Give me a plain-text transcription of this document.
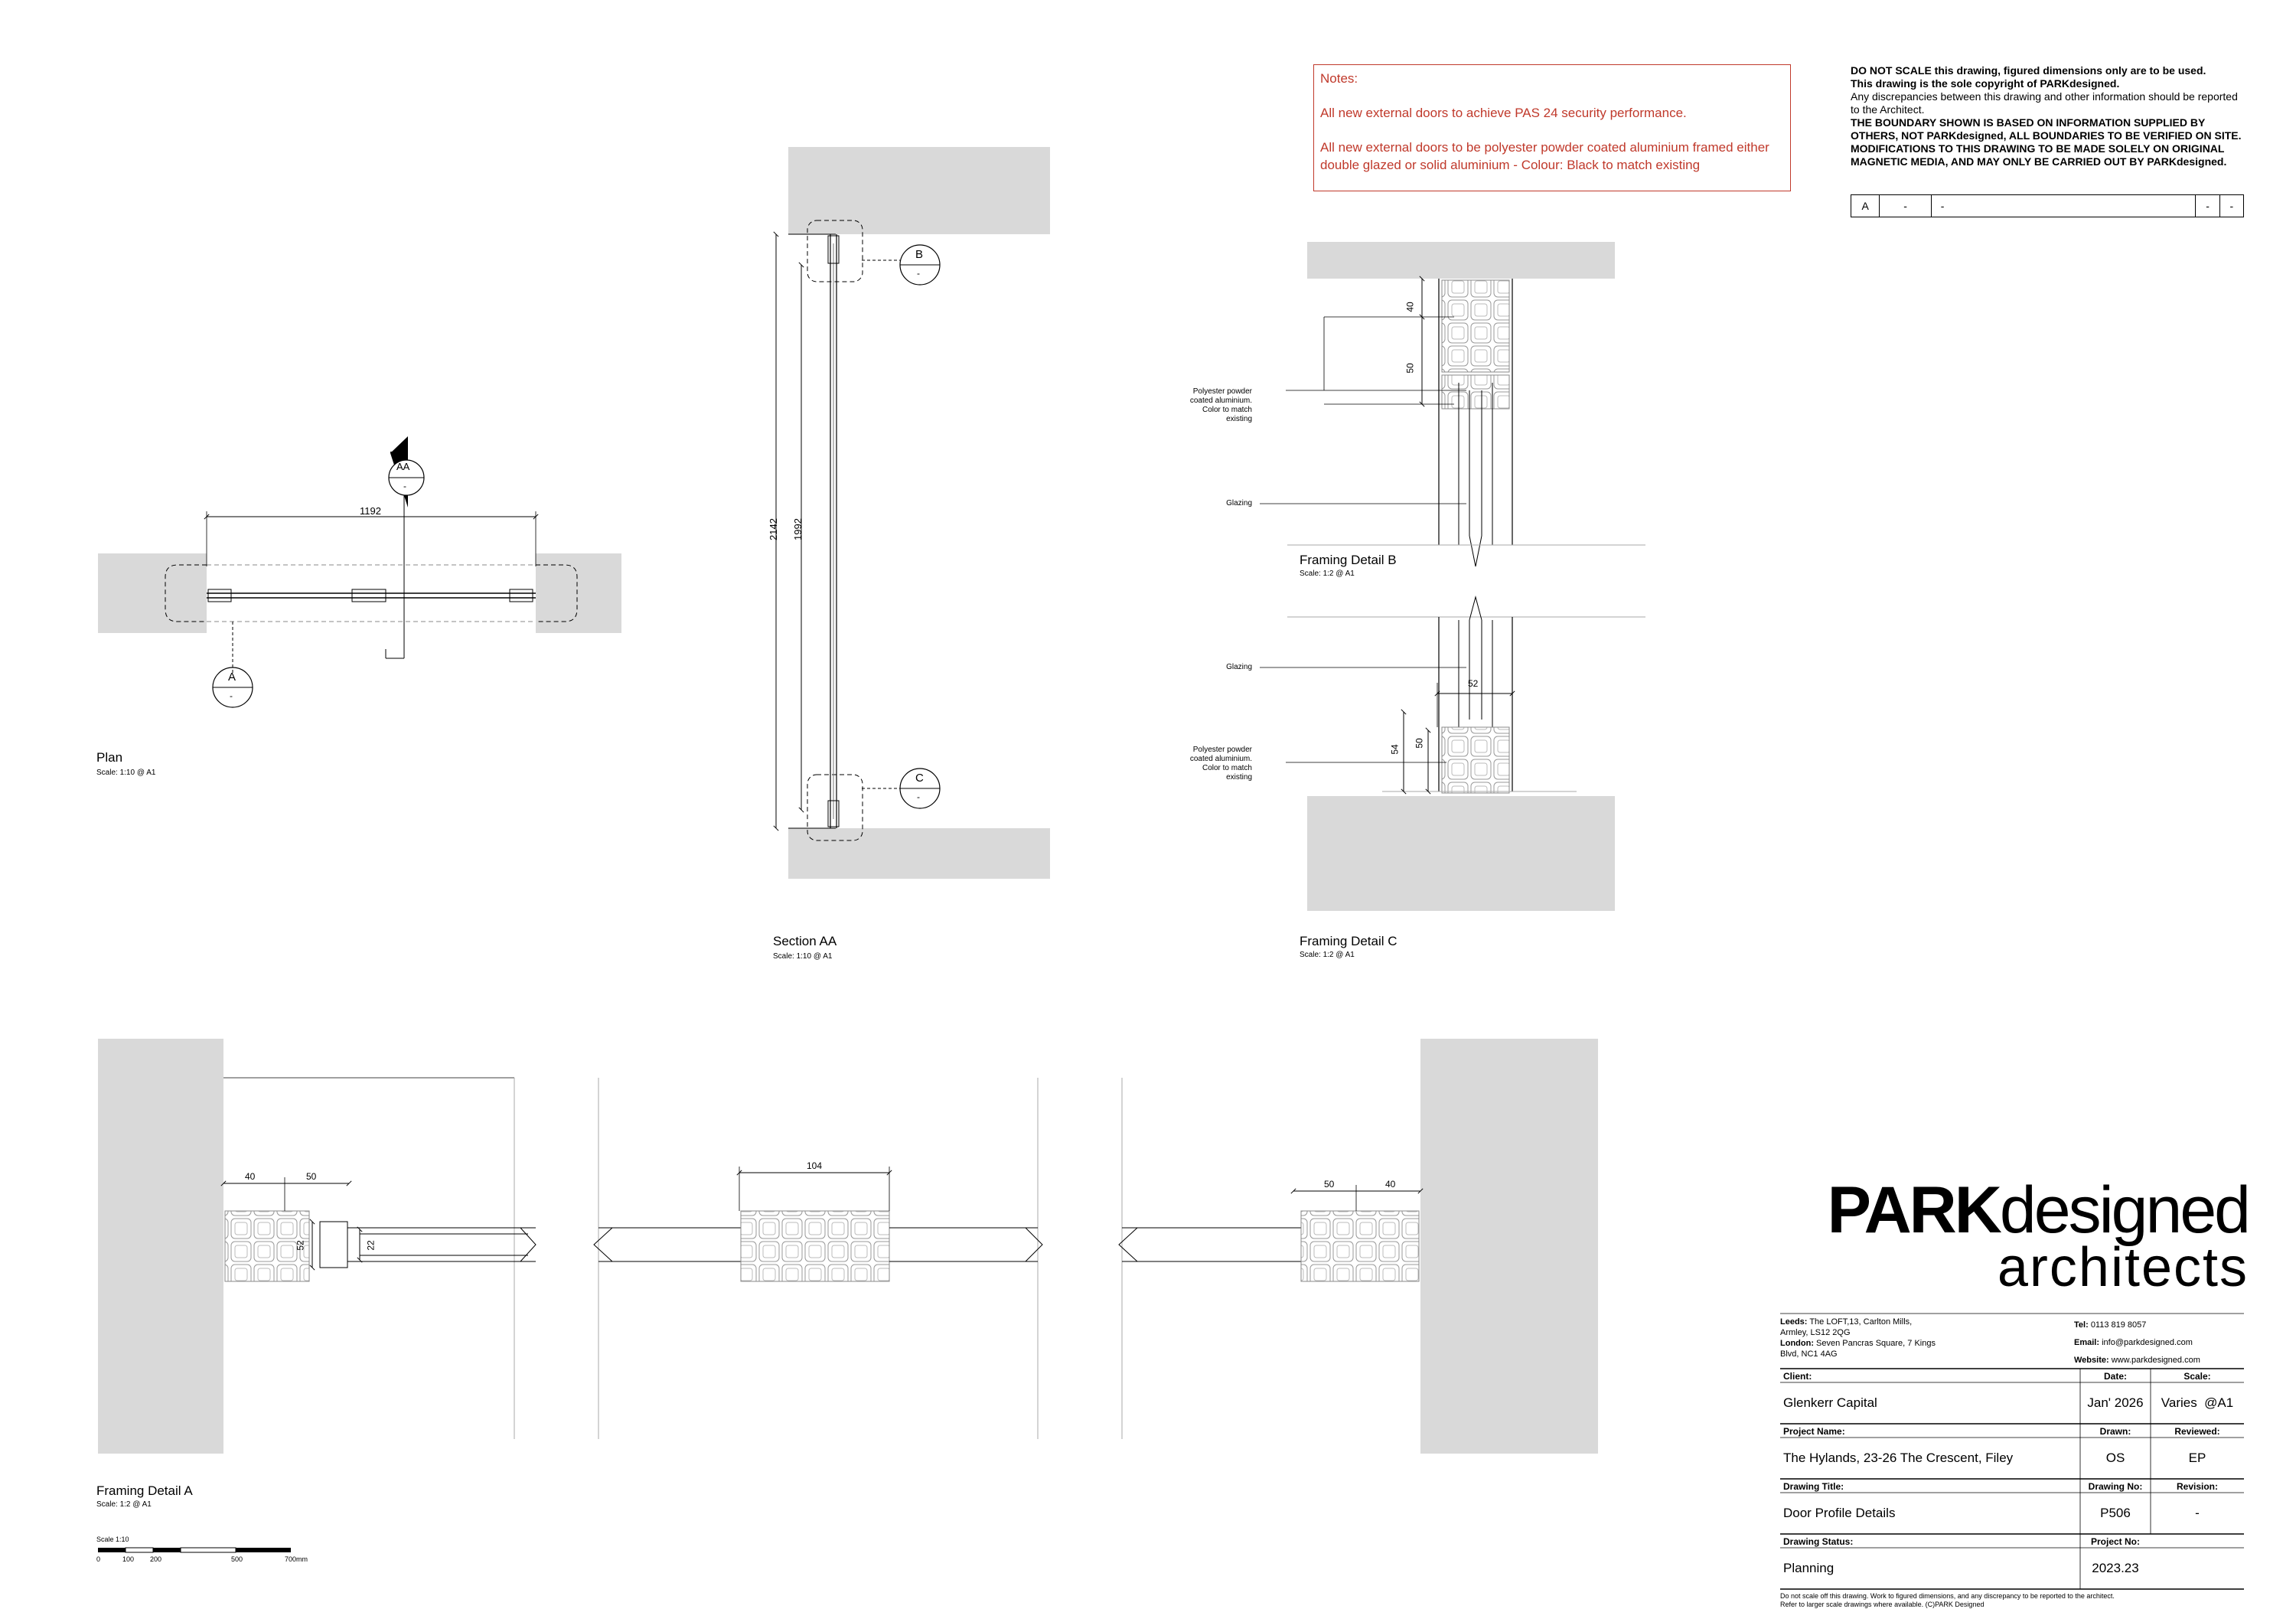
Notes:

All new external doors to achieve PAS 24 security performance.

All new external doors to be polyester powder coated aluminium framed either double glazed or solid aluminium - Colour: Black to match existing

DO NOT SCALE this drawing, figured dimensions only are to be used.
This drawing is the sole copyright of PARKdesigned.
Any discrepancies between this drawing and other information should be reported to the Architect.
THE BOUNDARY SHOWN IS BASED ON INFORMATION SUPPLIED BY OTHERS, NOT PARKdesigned, ALL BOUNDARIES TO BE VERIFIED ON SITE. MODIFICATIONS TO THIS DRAWING TO BE MADE SOLELY ON ORIGINAL MAGNETIC MEDIA, AND MAY ONLY BE CARRIED OUT BY PARKdesigned.
A	-	-	-	-
1192
AA
-
A
-
Plan
Scale: 1:10 @ A1
2142 1992
B
-
C
-
Section AA
Scale: 1:10 @ A1
40
50
Polyester powder
coated aluminium.
Color to match
existing
Glazing
Framing Detail B
Scale: 1:2 @ A1
Glazing
52
54
50
Polyester powder
coated aluminium.
Color to match
existing
Framing Detail C
Scale: 1:2 @ A1
40	50
52	22
104
50	40
Framing Detail A
Scale: 1:2 @ A1
Scale 1:10
0	100 200	500	700mm
PARKdesigned
architects
Leeds: The LOFT,13, Carlton Mills, Armley, LS12 2QG
London: Seven Pancras Square, 7 Kings Blvd, NC1 4AG
Tel: 0113 819 8057
Email: info@parkdesigned.com
Website: www.parkdesigned.com
Client:	Date:	Scale:
Glenkerr Capital	Jan' 2026	Varies  @A1
Project Name:	Drawn:	Reviewed:
The Hylands, 23-26 The Crescent, Filey	OS	EP
Drawing Title:	Drawing No:	Revision:
Door Profile Details	P506	-
Drawing Status:	Project No:
Planning	2023.23
Do not scale off this drawing. Work to figured dimensions, and any discrepancy to be reported to the architect.
Refer to larger scale drawings where available. (C)PARK Designed
